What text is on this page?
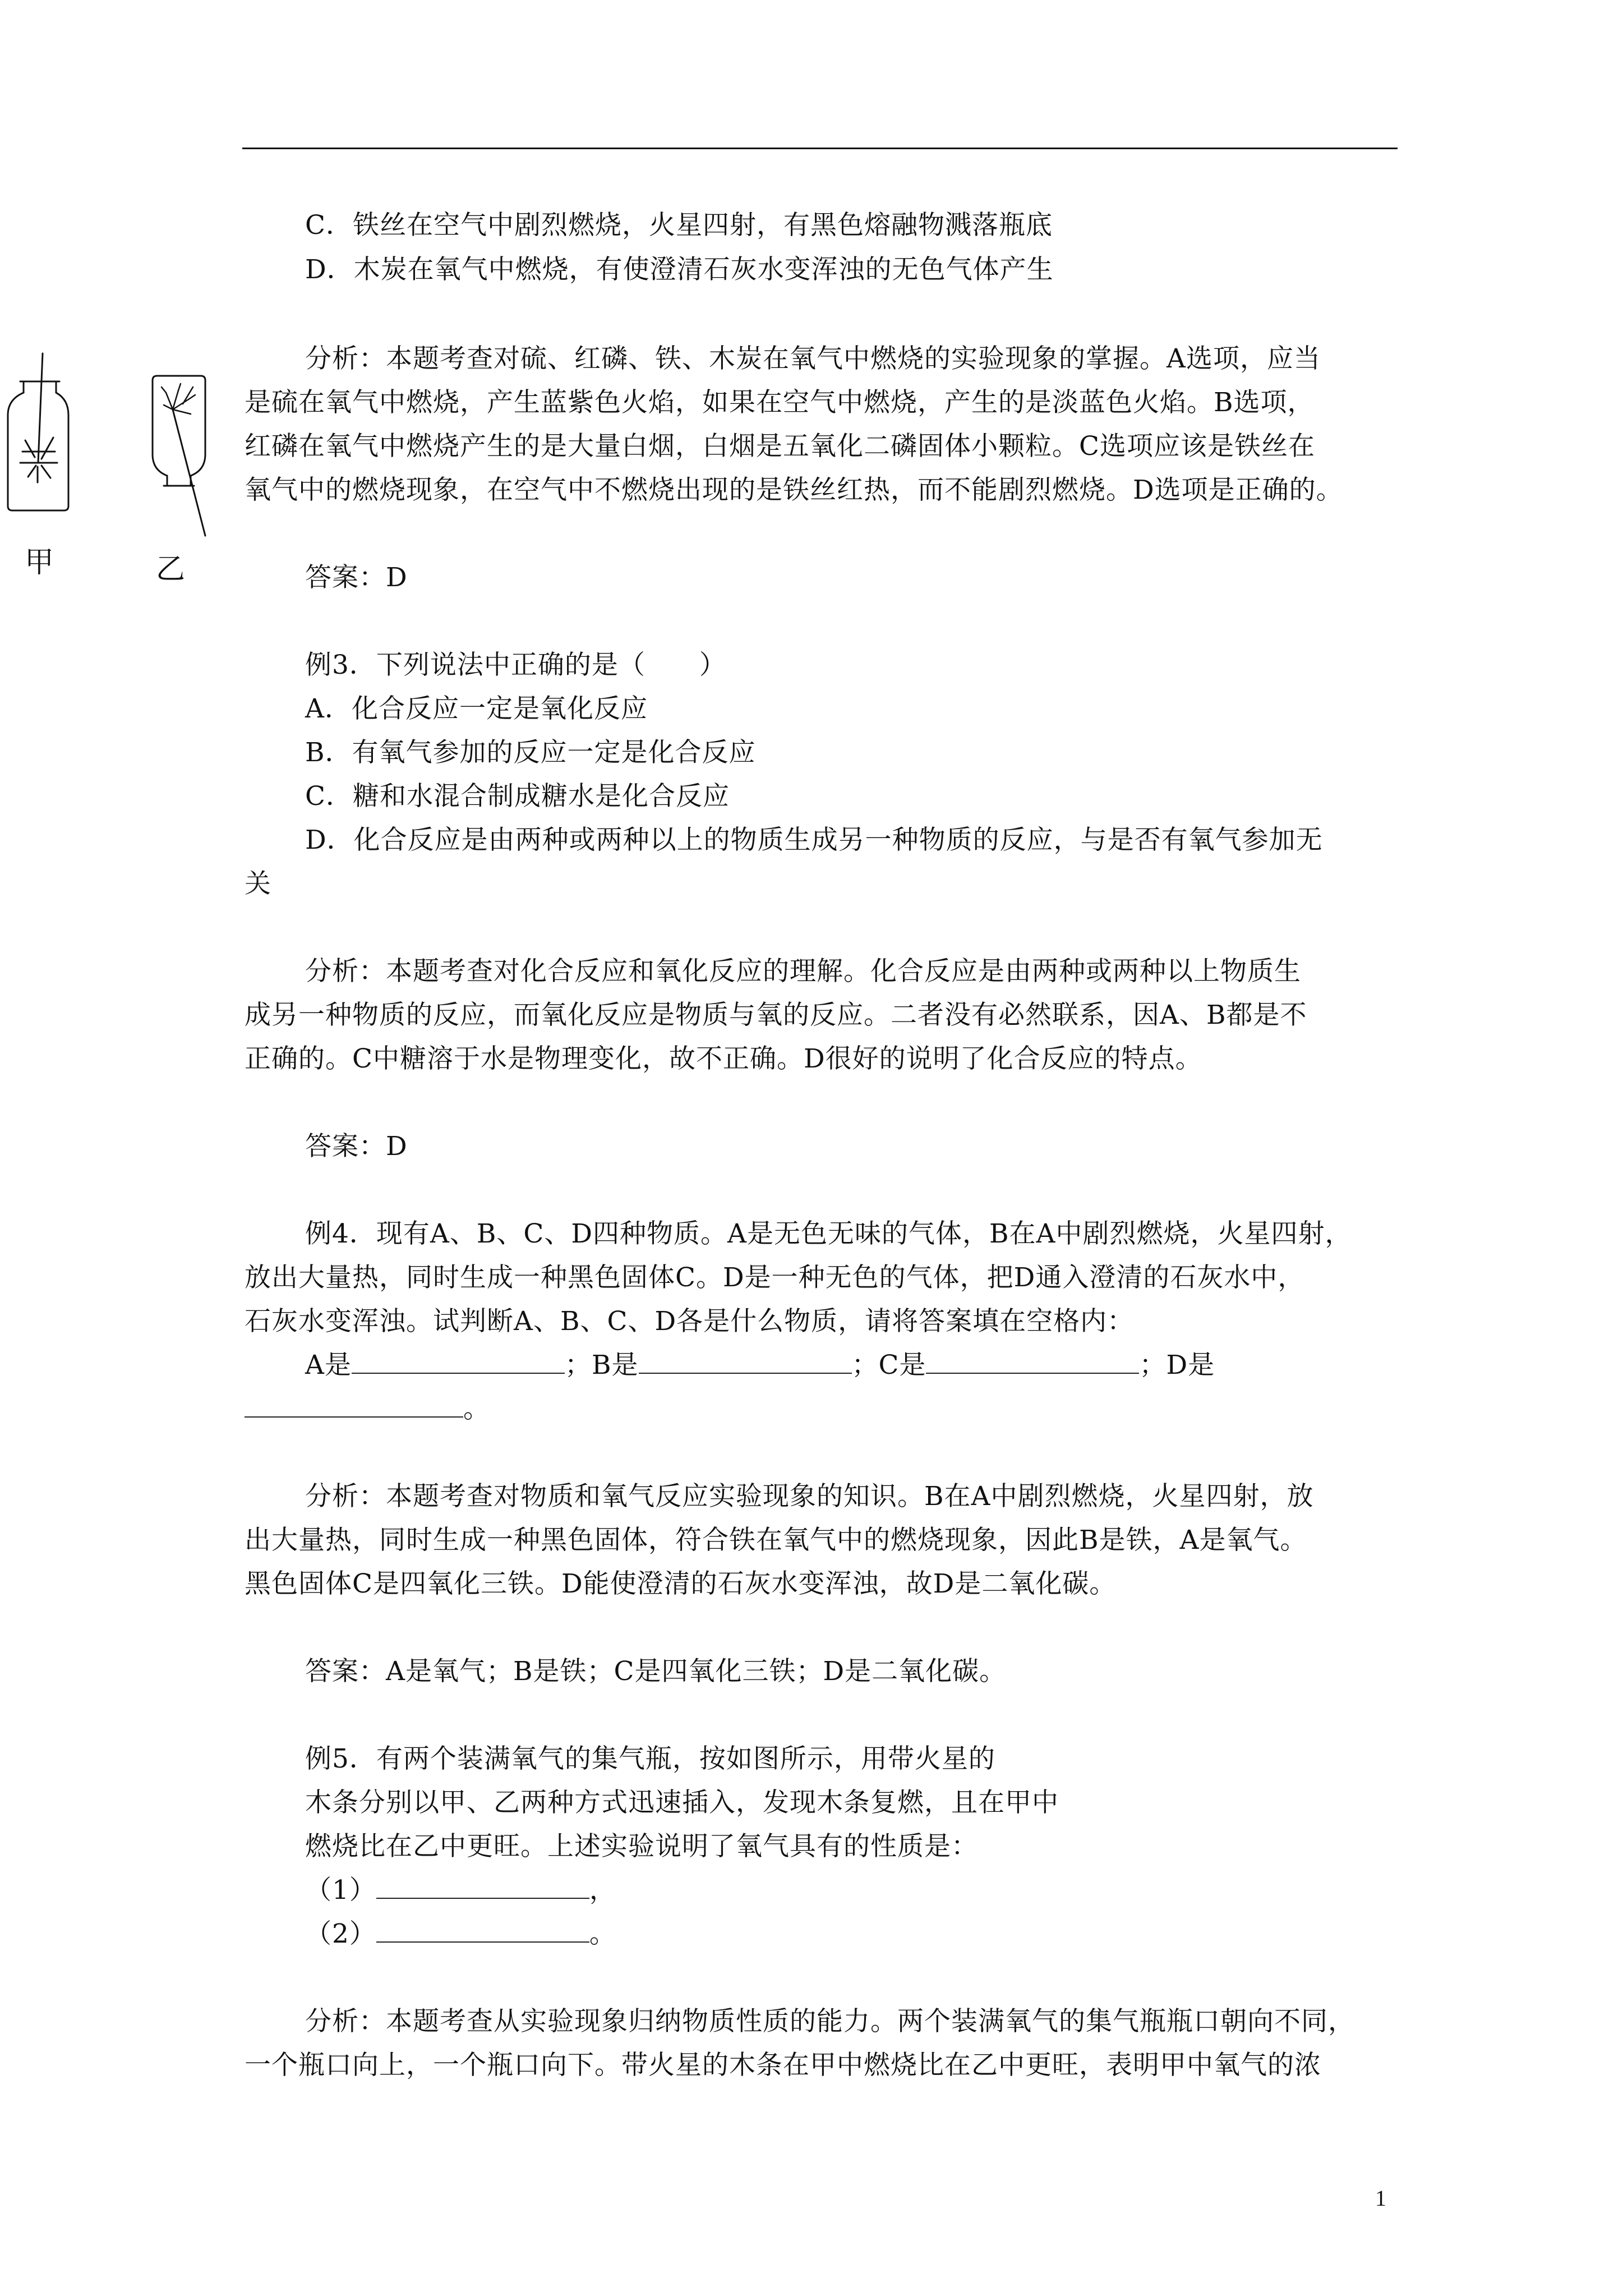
甲	乙

C．铁丝在空气中剧烈燃烧，火星四射，有黑色熔融物溅落瓶底

D．木炭在氧气中燃烧，有使澄清石灰水变浑浊的无色气体产生

分析：本题考查对硫、红磷、铁、木炭在氧气中燃烧的实验现象的掌握。A选项，应当

是硫在氧气中燃烧，产生蓝紫色火焰，如果在空气中燃烧，产生的是淡蓝色火焰。B选项，

红磷在氧气中燃烧产生的是大量白烟，白烟是五氧化二磷固体小颗粒。C选项应该是铁丝在

氧气中的燃烧现象，在空气中不燃烧出现的是铁丝红热，而不能剧烈燃烧。D选项是正确的。

答案：D

例3．下列说法中正确的是（　　）

A．化合反应一定是氧化反应

B．有氧气参加的反应一定是化合反应

C．糖和水混合制成糖水是化合反应

D．化合反应是由两种或两种以上的物质生成另一种物质的反应，与是否有氧气参加无

关

分析：本题考查对化合反应和氧化反应的理解。化合反应是由两种或两种以上物质生

成另一种物质的反应，而氧化反应是物质与氧的反应。二者没有必然联系，因A、B都是不

正确的。C中糖溶于水是物理变化，故不正确。D很好的说明了化合反应的特点。

答案：D

例4．现有A、B、C、D四种物质。A是无色无味的气体，B在A中剧烈燃烧，火星四射，

放出大量热，同时生成一种黑色固体C。D是一种无色的气体，把D通入澄清的石灰水中，

石灰水变浑浊。试判断A、B、C、D各是什么物质，请将答案填在空格内：

A是	；B是	；C是	；D是

。

分析：本题考查对物质和氧气反应实验现象的知识。B在A中剧烈燃烧，火星四射，放

出大量热，同时生成一种黑色固体，符合铁在氧气中的燃烧现象，因此B是铁，A是氧气。

黑色固体C是四氧化三铁。D能使澄清的石灰水变浑浊，故D是二氧化碳。

答案：A是氧气；B是铁；C是四氧化三铁；D是二氧化碳。

例5．有两个装满氧气的集气瓶，按如图所示，用带火星的

木条分别以甲、乙两种方式迅速插入，发现木条复燃，且在甲中

燃烧比在乙中更旺。上述实验说明了氧气具有的性质是：

（1）	，

（2）	。

分析：本题考查从实验现象归纳物质性质的能力。两个装满氧气的集气瓶瓶口朝向不同，

一个瓶口向上，一个瓶口向下。带火星的木条在甲中燃烧比在乙中更旺，表明甲中氧气的浓

1
